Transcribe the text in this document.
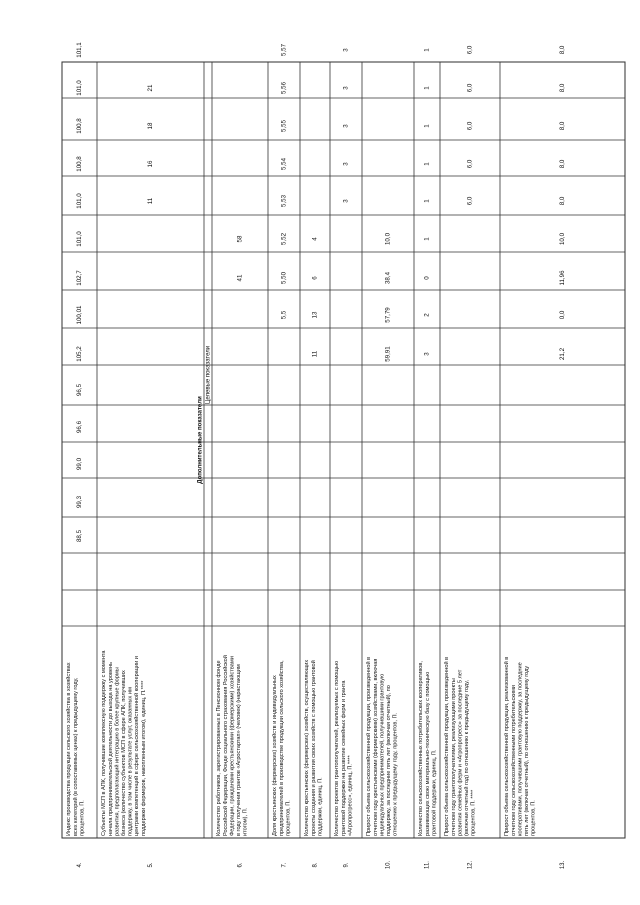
Целевые показатели
Дополнительные показатели
4.
Индекс производства продукции сельского хозяйства в хозяйствах всех категорий (в сопоставимых ценах) к предыдущему году, процентов, П.
88,5
99,3
99,0
96,6
96,5
105,2
100,01
102,7
101,0
101,0
100,8
100,8
101,0
101,1
5.
Субъекты МСП в АПК, получившие комплексную поддержку с момента начала предпринимательской деятельности до выхода на уровень развития, предполагающий интеграцию в более крупные формы бизнеса (количество субъектов МСП в сфере АПК, получивших поддержку, в том числе в результате услуг, оказанных им центрами компетенций в сфере сельскохозяйственной кооперации и поддержки фермеров, накопленным итогом), единиц, П.****
11
16
18
21
6.
Количество работников, зарегистрированных в Пенсионном фонде Российской Федерации, Фонде социального страхования Российской Федерации, гражданами крестьянскими (фермерскими) хозяйствами в году получения грантов «Агростартап» (человек) (нарастающим итогом), П.
41
58
7.
Доля крестьянских (фермерских) хозяйств и индивидуальных предпринимателей в производстве продукции сельского хозяйства, процентов, П.
5,5
5,50
5,52
5,53
5,54
5,55
5,56
5,57
8.
Количество крестьянских (фермерских) хозяйств, осуществляющих проекты создания и развития своих хозяйств с помощью грантовой поддержки, единиц, П.
11
13
6
4
9.
Количество проектов грантополучателей, реализуемых с помощью грантовой поддержки на развитие семейных ферм и гранта «Агропрогресс», единиц, П.****
3
3
3
3
3
10.
Прирост объема сельскохозяйственной продукции, произведенной в отчетном году крестьянскими (фермерскими) хозяйствами, включая индивидуальных предпринимателей, получившими грантовую поддержку, за последние пять лет (включая отчетный), по отношению к предыдущему году, процентов, П.
59,91
57,79
38,4
10,0
11.
Количество сельскохозяйственных потребительских кооперативов, развивающих свою материально-техническую базу с помощью грантовой поддержки, единиц, П.
3
2
0
1
1
1
1
1
1
12.
Прирост объема сельскохозяйственной продукции, произведенной в отчетном году грантополучателями, реализующими проекты развития семейных ферм и «Агропрогресс» за последние 5 лет (включая отчетный год) по отношению к предыдущему году, процентов, П. ****
6,0
6,0
6,0
6,0
6,0
13.
Прирост объема сельскохозяйственной продукции, реализованной в отчетном году сельскохозяйственными потребительскими кооперативами, получившими грантовую поддержку, за последние пять лет (включая отчетный), по отношению к предыдущему году процентов, П.
21,2
0,0
11,96
10,0
8,0
8,0
8,0
8,0
8,0
